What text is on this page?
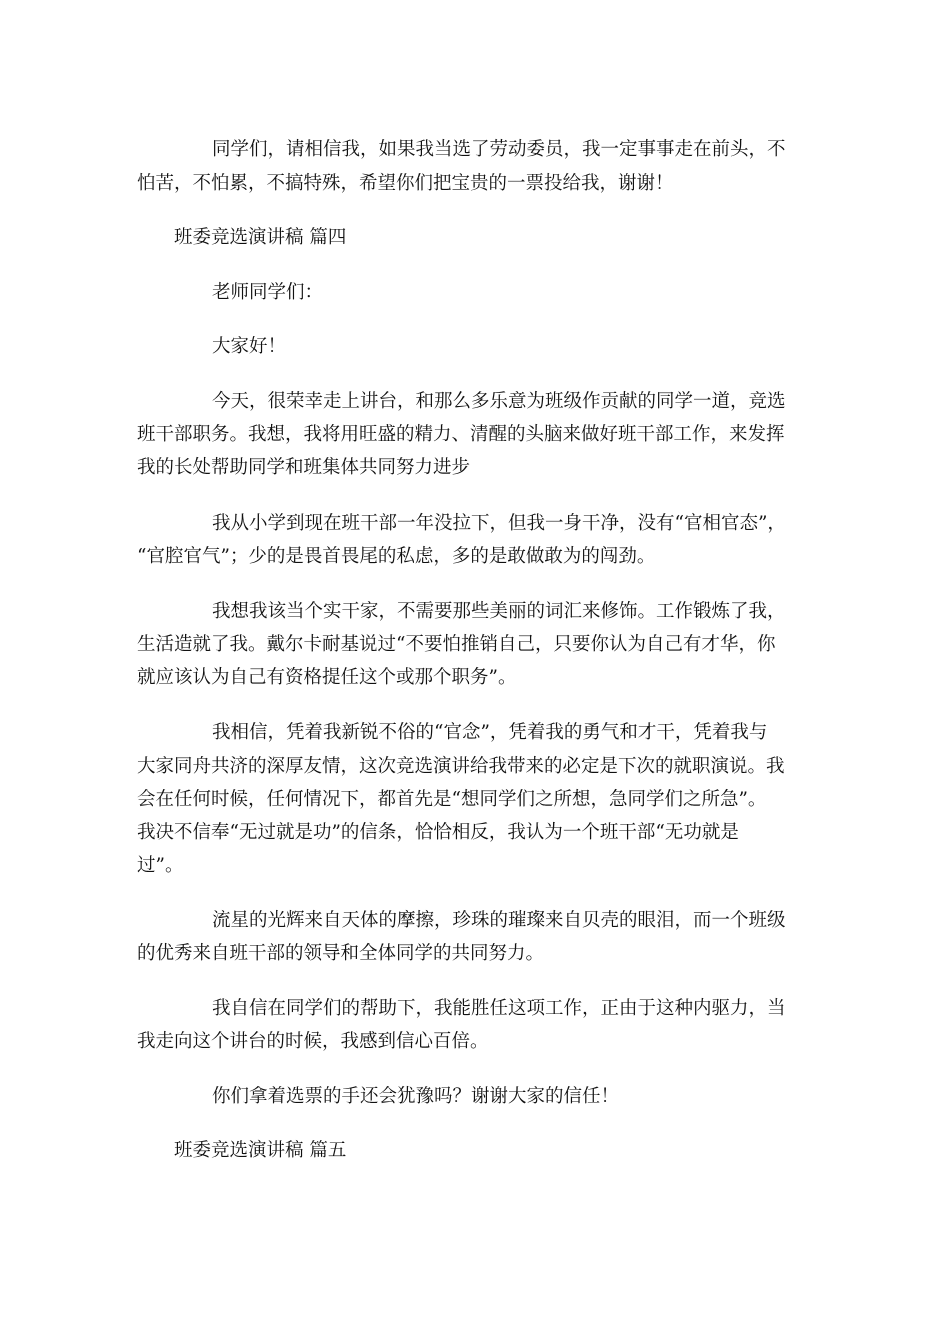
同学们，请相信我，如果我当选了劳动委员，我一定事事走在前头，不
怕苦，不怕累，不搞特殊，希望你们把宝贵的一票投给我，谢谢！
班委竞选演讲稿 篇四
老师同学们：
大家好！
今天，很荣幸走上讲台，和那么多乐意为班级作贡献的同学一道，竞选
班干部职务。我想，我将用旺盛的精力、清醒的头脑来做好班干部工作，来发挥
我的长处帮助同学和班集体共同努力进步
我从小学到现在班干部一年没拉下，但我一身干净，没有“官相官态”，
“官腔官气”；少的是畏首畏尾的私虑，多的是敢做敢为的闯劲。
我想我该当个实干家，不需要那些美丽的词汇来修饰。工作锻炼了我，
生活造就了我。戴尔卡耐基说过“不要怕推销自己，只要你认为自己有才华，你
就应该认为自己有资格提任这个或那个职务”。
我相信，凭着我新锐不俗的“官念”，凭着我的勇气和才干，凭着我与
大家同舟共济的深厚友情，这次竞选演讲给我带来的必定是下次的就职演说。我
会在任何时候，任何情况下，都首先是“想同学们之所想，急同学们之所急”。
我决不信奉“无过就是功”的信条，恰恰相反，我认为一个班干部“无功就是
过”。
流星的光辉来自天体的摩擦，珍珠的璀璨来自贝壳的眼泪，而一个班级
的优秀来自班干部的领导和全体同学的共同努力。
我自信在同学们的帮助下，我能胜任这项工作，正由于这种内驱力，当
我走向这个讲台的时候，我感到信心百倍。
你们拿着选票的手还会犹豫吗？谢谢大家的信任！
班委竞选演讲稿 篇五
